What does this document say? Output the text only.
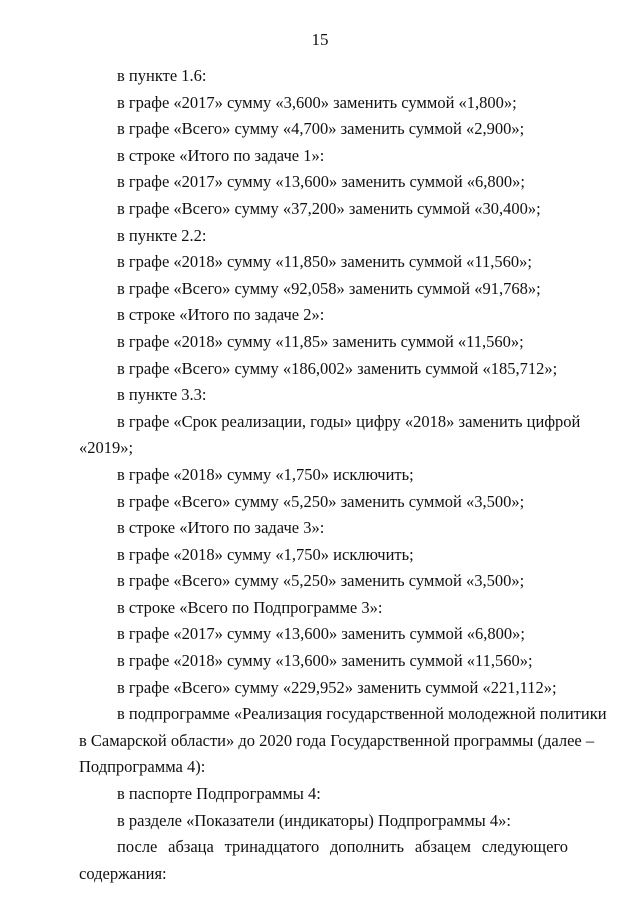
15
в пункте 1.6:
в графе «2017» сумму «3,600» заменить суммой «1,800»;
в графе «Всего» сумму «4,700» заменить суммой «2,900»;
в строке «Итого по задаче 1»:
в графе «2017» сумму «13,600» заменить суммой «6,800»;
в графе «Всего» сумму «37,200» заменить суммой «30,400»;
в пункте 2.2:
в графе «2018» сумму «11,850» заменить суммой «11,560»;
в графе «Всего» сумму «92,058» заменить суммой «91,768»;
в строке «Итого по задаче 2»:
в графе «2018» сумму «11,85» заменить суммой «11,560»;
в графе «Всего» сумму «186,002» заменить суммой «185,712»;
в пункте 3.3:
в графе «Срок реализации, годы» цифру «2018» заменить цифрой
«2019»;
в графе «2018» сумму «1,750» исключить;
в графе «Всего» сумму «5,250» заменить суммой «3,500»;
в строке «Итого по задаче 3»:
в графе «2018» сумму «1,750» исключить;
в графе «Всего» сумму «5,250» заменить суммой «3,500»;
в строке «Всего по Подпрограмме 3»:
в графе «2017» сумму «13,600» заменить суммой «6,800»;
в графе «2018» сумму «13,600» заменить суммой «11,560»;
в графе «Всего» сумму «229,952» заменить суммой «221,112»;
в подпрограмме «Реализация государственной молодежной политики
в Самарской области» до 2020 года Государственной программы (далее –
Подпрограмма 4):
в паспорте Подпрограммы 4:
в разделе «Показатели (индикаторы) Подпрограммы 4»:
после абзаца тринадцатого дополнить абзацем следующего
содержания:
